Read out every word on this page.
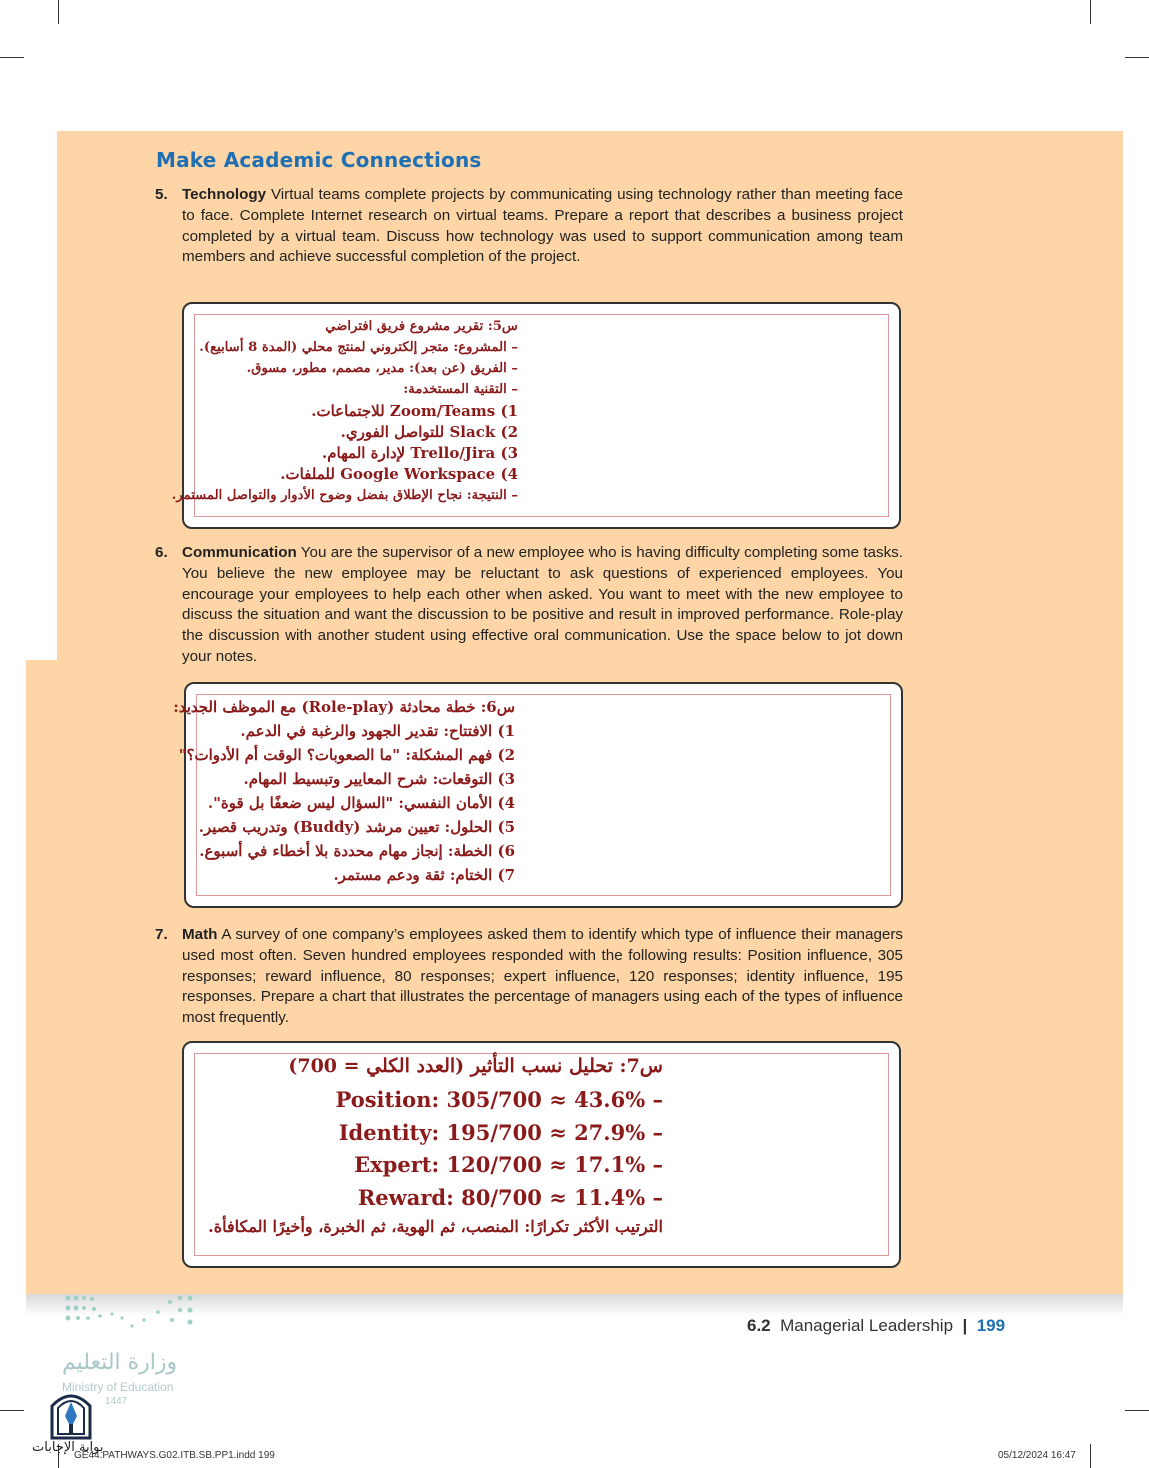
Make Academic Connections
5. Technology Virtual teams complete projects by communicating using technology rather than meeting face to face. Complete Internet research on virtual teams. Prepare a report that describes a business project completed by a virtual team. Discuss how technology was used to support communication among team members and achieve successful completion of the project.
س5: تقرير مشروع فريق افتراضي
– المشروع: متجر إلكتروني لمنتج محلي (المدة 8 أسابيع).
– الفريق (عن بعد): مدير، مصمم، مطور، مسوق.
– التقنية المستخدمة:
1) Zoom/Teams للاجتماعات.
2) Slack للتواصل الفوري.
3) Trello/Jira لإدارة المهام.
4) Google Workspace للملفات.
– النتيجة: نجاح الإطلاق بفضل وضوح الأدوار والتواصل المستمر.
6. Communication You are the supervisor of a new employee who is having difficulty completing some tasks. You believe the new employee may be reluctant to ask questions of experienced employees. You encourage your employees to help each other when asked. You want to meet with the new employee to discuss the situation and want the discussion to be positive and result in improved performance. Role-play the discussion with another student using effective oral communication. Use the space below to jot down your notes.
س6: خطة محادثة (Role-play) مع الموظف الجديد:
1) الافتتاح: تقدير الجهود والرغبة في الدعم.
2) فهم المشكلة: "ما الصعوبات؟ الوقت أم الأدوات؟"
3) التوقعات: شرح المعايير وتبسيط المهام.
4) الأمان النفسي: "السؤال ليس ضعفًا بل قوة".
5) الحلول: تعيين مرشد (Buddy) وتدريب قصير.
6) الخطة: إنجاز مهام محددة بلا أخطاء في أسبوع.
7) الختام: ثقة ودعم مستمر.
7. Math A survey of one company’s employees asked them to identify which type of influence their managers used most often. Seven hundred employees responded with the following results: Position influence, 305 responses; reward influence, 80 responses; expert influence, 120 responses; identity influence, 195 responses. Prepare a chart that illustrates the percentage of managers using each of the types of influence most frequently.
س7: تحليل نسب التأثير (العدد الكلي = 700)
– Position: 305/700 ≈ 43.6%
– Identity: 195/700 ≈ 27.9%
– Expert: 120/700 ≈ 17.1%
– Reward: 80/700 ≈ 11.4%
الترتيب الأكثر تكرارًا: المنصب، ثم الهوية، ثم الخبرة، وأخيرًا المكافأة.
6.2 Managerial Leadership | 199
وزارة التعليم
Ministry of Education
1447
بوابة الإجابات
GE44.PATHWAYS.G02.ITB.SB.PP1.indd 199	05/12/2024 16:47
